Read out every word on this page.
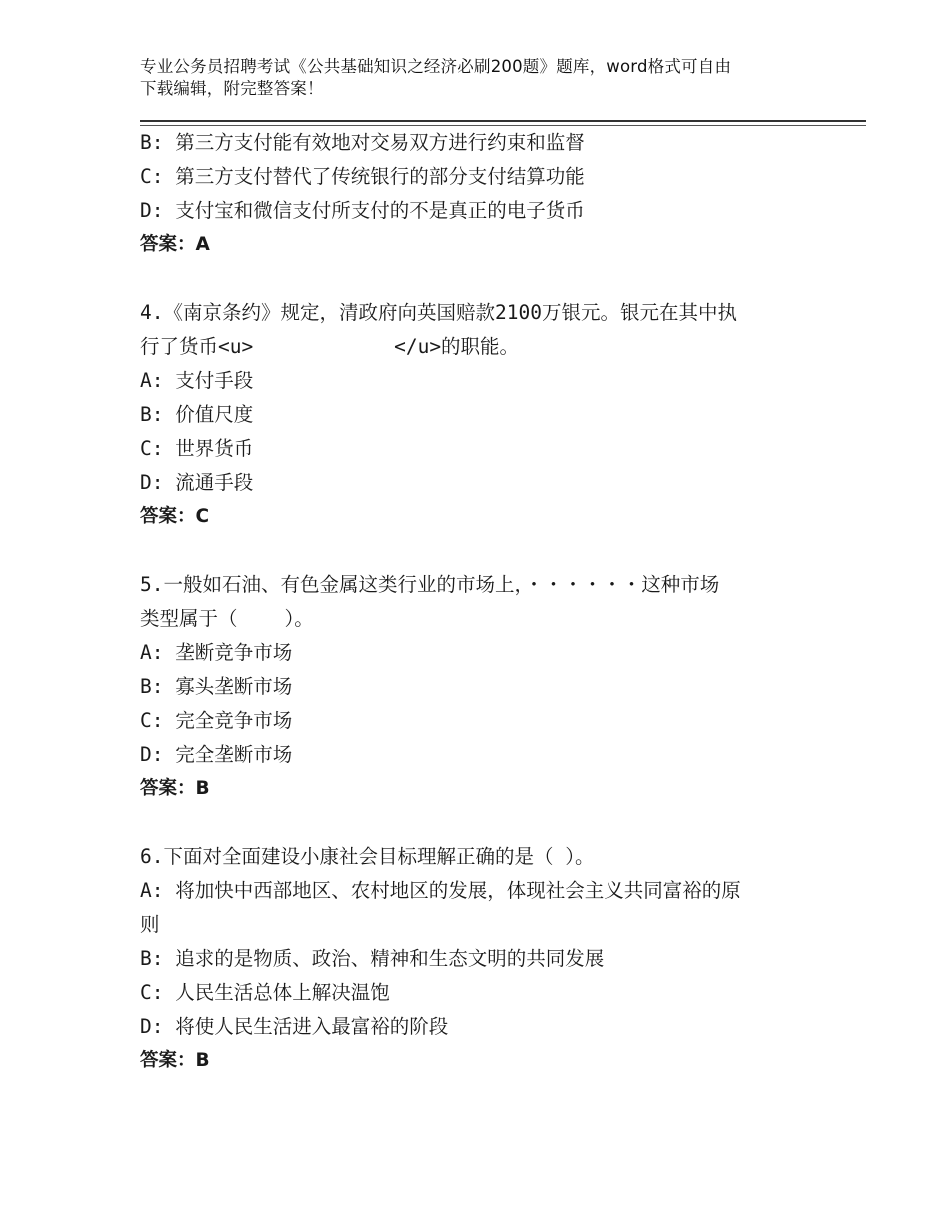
专业公务员招聘考试《公共基础知识之经济必刷200题》题库，word格式可自由
下载编辑，附完整答案！
B: 第三方支付能有效地对交易双方进行约束和监督
C: 第三方支付替代了传统银行的部分支付结算功能
D: 支付宝和微信支付所支付的不是真正的电子货币
答案：A
4.《南京条约》规定，清政府向英国赔款2100万银元。银元在其中执
行了货币<u>            </u>的职能。
A: 支付手段
B: 价值尺度
C: 世界货币
D: 流通手段
答案：C
5.一般如石油、有色金属这类行业的市场上，・・・・・・这种市场
类型属于（    ）。
A: 垄断竞争市场
B: 寡头垄断市场
C: 完全竞争市场
D: 完全垄断市场
答案：B
6.下面对全面建设小康社会目标理解正确的是（ ）。
A: 将加快中西部地区、农村地区的发展，体现社会主义共同富裕的原
则
B: 追求的是物质、政治、精神和生态文明的共同发展
C: 人民生活总体上解决温饱
D: 将使人民生活进入最富裕的阶段
答案：B
